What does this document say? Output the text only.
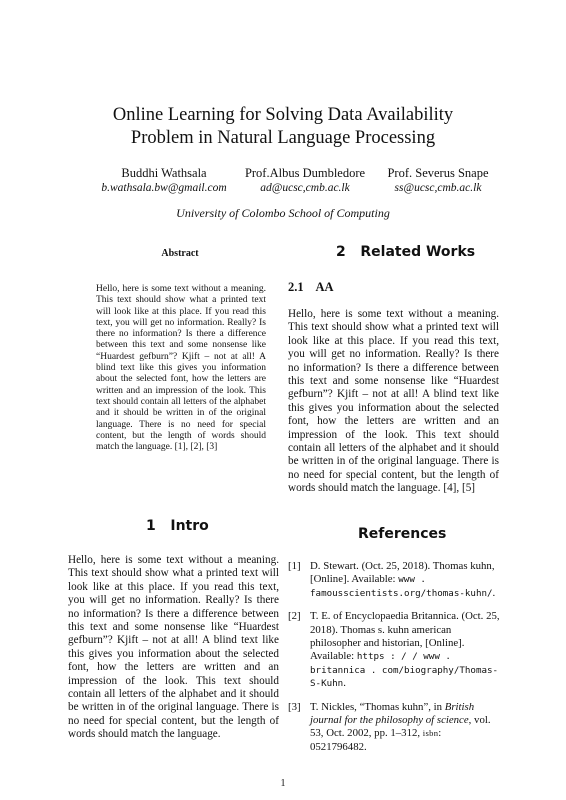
Online Learning for Solving Data Availability
Problem in Natural Language Processing
Buddhi Wathsala
b.wathsala.bw@gmail.com
Prof.Albus Dumbledore
ad@ucsc,cmb.ac.lk
Prof. Severus Snape
ss@ucsc,cmb.ac.lk
University of Colombo School of Computing
Abstract
Hello, here is some text without a meaning. This text should show what a printed text will look like at this place. If you read this text, you will get no information. Really? Is there no information? Is there a difference between this text and some nonsense like “Huardest gefburn”? Kjift – not at all! A blind text like this gives you information about the selected font, how the letters are written and an impression of the look. This text should contain all letters of the alphabet and it should be written in of the original language. There is no need for special content, but the length of words should match the language. [1], [2], [3]
2 Related Works
2.1 AA
Hello, here is some text without a meaning. This text should show what a printed text will look like at this place. If you read this text, you will get no information. Really? Is there no information? Is there a difference between this text and some nonsense like “Huardest gefburn”? Kjift – not at all! A blind text like this gives you information about the selected font, how the letters are written and an impression of the look. This text should contain all letters of the alphabet and it should be written in of the original language. There is no need for special content, but the length of words should match the language. [4], [5]
1 Intro
Hello, here is some text without a meaning. This text should show what a printed text will look like at this place. If you read this text, you will get no information. Really? Is there no information? Is there a difference between this text and some nonsense like “Huardest gefburn”? Kjift – not at all! A blind text like this gives you information about the selected font, how the letters are written and an impression of the look. This text should contain all letters of the alphabet and it should be written in of the original language. There is no need for special content, but the length of words should match the language.
References
[1] D. Stewart. (Oct. 25, 2018). Thomas kuhn, [Online]. Available: www . famousscientists.org/thomas-kuhn/.
[2] T. E. of Encyclopaedia Britannica. (Oct. 25, 2018). Thomas s. kuhn american philosopher and historian, [Online]. Available: https : / / www . britannica . com/biography/Thomas-S-Kuhn.
[3] T. Nickles, “Thomas kuhn”, in British journal for the philosophy of science, vol. 53, Oct. 2002, pp. 1–312, isbn: 0521796482.
1
